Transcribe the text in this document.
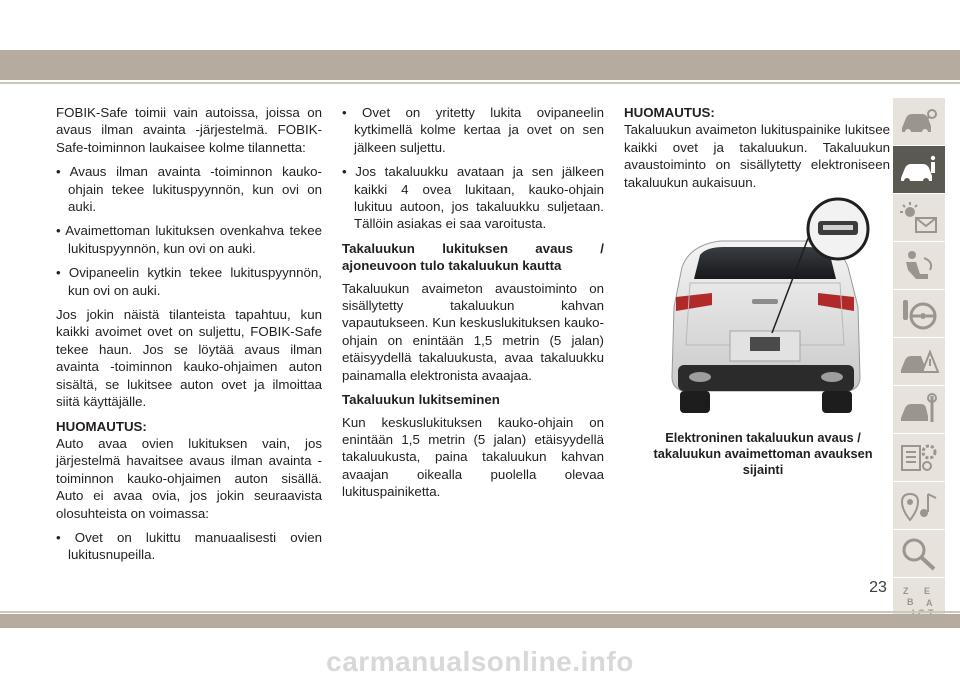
FOBIK-Safe toimii vain autoissa, joissa on avaus ilman avainta -järjestelmä. FOBIK-Safe-toiminnon laukaisee kolme tilannetta:

• Avaus ilman avainta -toiminnon kauko-ohjain tekee lukituspyynnön, kun ovi on auki.

• Avaimettoman lukituksen ovenkahva tekee lukituspyynnön, kun ovi on auki.

• Ovipaneelin kytkin tekee lukituspyynnön, kun ovi on auki.

Jos jokin näistä tilanteista tapahtuu, kun kaikki avoimet ovet on suljettu, FOBIK-Safe tekee haun. Jos se löytää avaus ilman avainta -toiminnon kauko-ohjaimen auton sisältä, se lukitsee auton ovet ja ilmoittaa siitä käyttäjälle.

HUOMAUTUS:

Auto avaa ovien lukituksen vain, jos järjestelmä havaitsee avaus ilman avainta -toiminnon kauko-ohjaimen auton sisällä. Auto ei avaa ovia, jos jokin seuraavista olosuhteista on voimassa:

• Ovet on lukittu manuaalisesti ovien lukitusnupeilla.

• Ovet on yritetty lukita ovipaneelin kytkimellä kolme kertaa ja ovet on sen jälkeen suljettu.

• Jos takaluukku avataan ja sen jälkeen kaikki 4 ovea lukitaan, kauko-ohjain lukituu autoon, jos takaluukku suljetaan. Tällöin asiakas ei saa varoitusta.

Takaluukun lukituksen avaus / ajoneuvoon tulo takaluukun kautta

Takaluukun avaimeton avaustoiminto on sisällytetty takaluukun kahvan vapautukseen. Kun keskuslukituksen kauko-ohjain on enintään 1,5 metrin (5 jalan) etäisyydellä takaluukusta, avaa takaluukku painamalla elektronista avaajaa.

Takaluukun lukitseminen

Kun keskuslukituksen kauko-ohjain on enintään 1,5 metrin (5 jalan) etäisyydellä takaluukusta, paina takaluukun kahvan avaajan oikealla puolella olevaa lukituspainiketta.

HUOMAUTUS:

Takaluukun avaimeton lukituspainike lukitsee kaikki ovet ja takaluukun. Takaluukun avaustoiminto on sisällytetty elektroniseen takaluukun aukaisuun.

Elektroninen takaluukun avaus / takaluukun avaimettoman avauksen sijainti
Z E
B A
23
carmanualsonline.info
